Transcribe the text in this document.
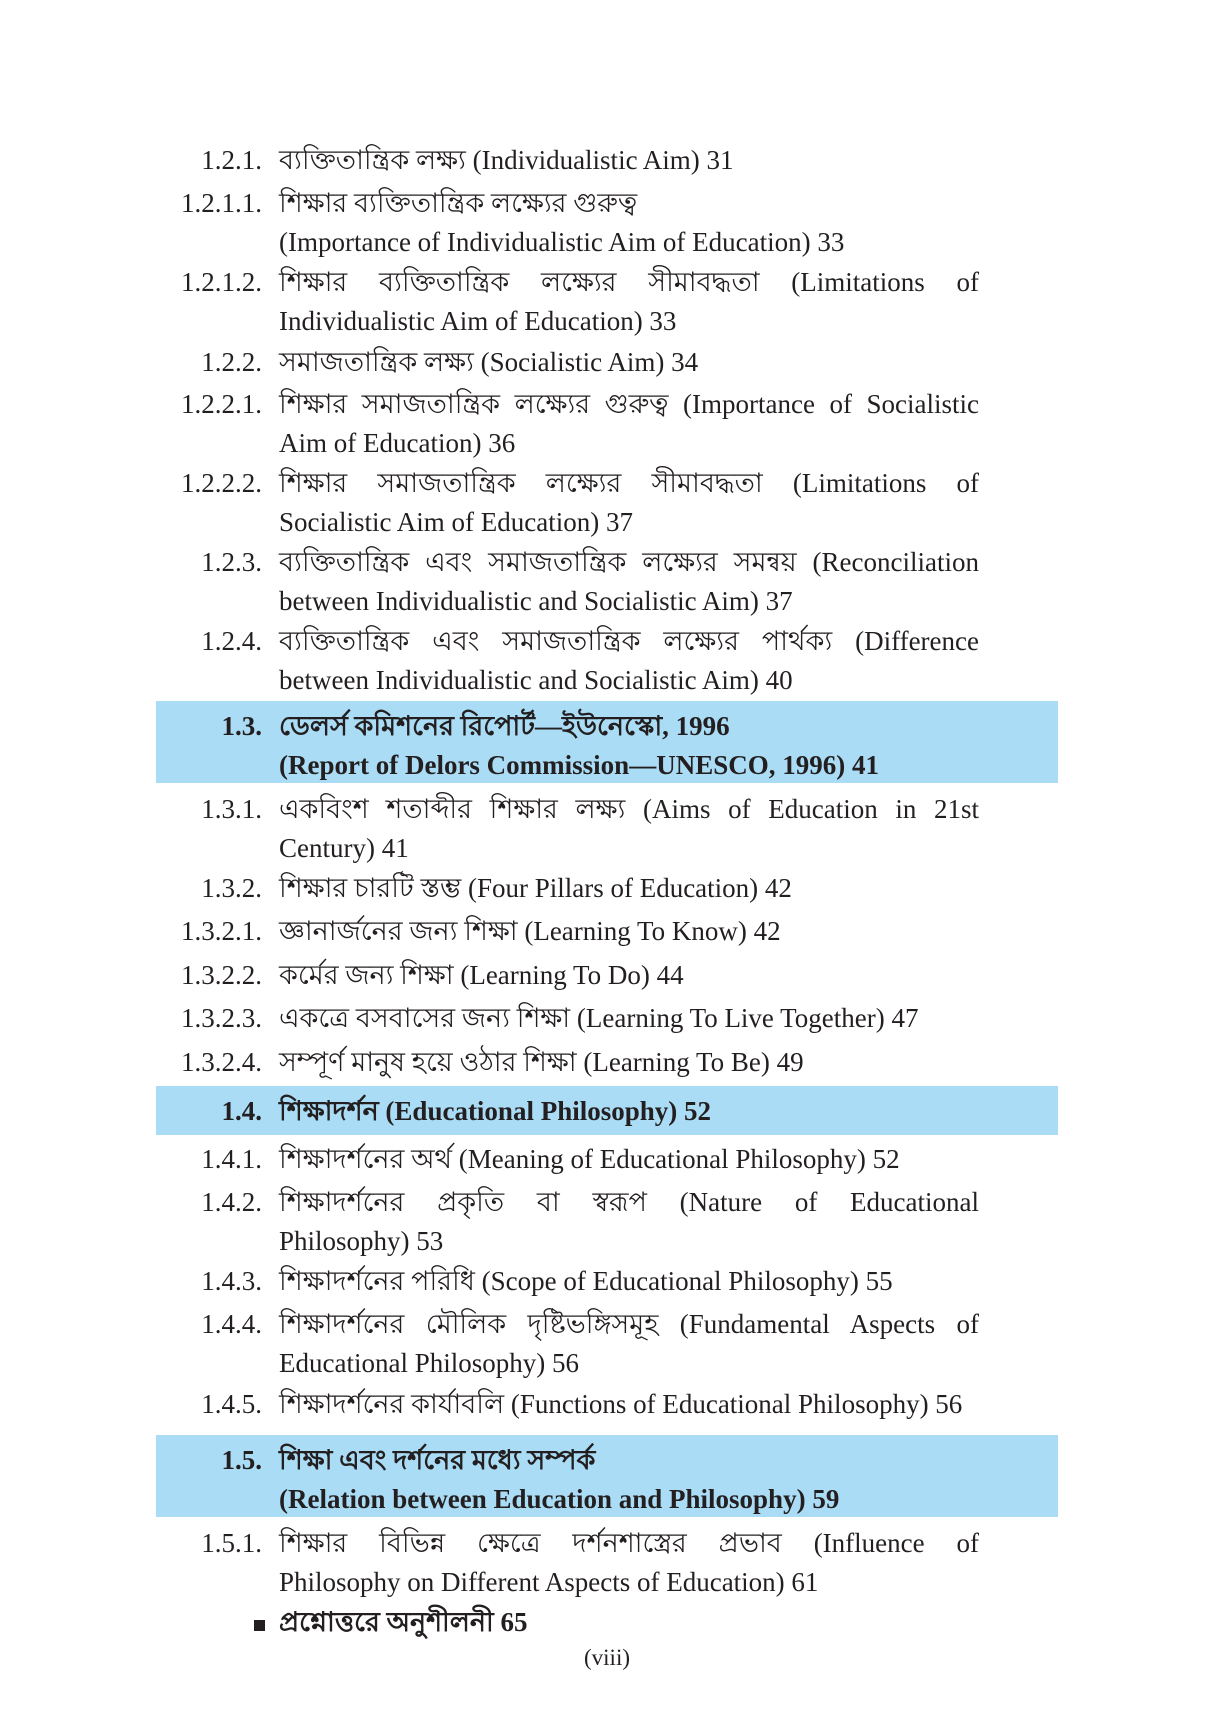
1.2.1. ব্যক্তিতান্ত্রিক লক্ষ্য (Individualistic Aim) 31
1.2.1.1. শিক্ষার ব্যক্তিতান্ত্রিক লক্ষ্যের গুরুত্ব
(Importance of Individualistic Aim of Education) 33
1.2.1.2. শিক্ষার ব্যক্তিতান্ত্রিক লক্ষ্যের সীমাবদ্ধতা (Limitations of
Individualistic Aim of Education) 33
1.2.2. সমাজতান্ত্রিক লক্ষ্য (Socialistic Aim) 34
1.2.2.1. শিক্ষার সমাজতান্ত্রিক লক্ষ্যের গুরুত্ব (Importance of Socialistic
Aim of Education) 36
1.2.2.2. শিক্ষার সমাজতান্ত্রিক লক্ষ্যের সীমাবদ্ধতা (Limitations of
Socialistic Aim of Education) 37
1.2.3. ব্যক্তিতান্ত্রিক এবং সমাজতান্ত্রিক লক্ষ্যের সমন্বয় (Reconciliation
between Individualistic and Socialistic Aim) 37
1.2.4. ব্যক্তিতান্ত্রিক এবং সমাজতান্ত্রিক লক্ষ্যের পার্থক্য (Difference
between Individualistic and Socialistic Aim) 40
1.3. ডেলর্স কমিশনের রিপোর্ট—ইউনেস্কো, 1996
(Report of Delors Commission—UNESCO, 1996) 41
1.3.1. একবিংশ শতাব্দীর শিক্ষার লক্ষ্য (Aims of Education in 21st
Century) 41
1.3.2. শিক্ষার চারটি স্তম্ভ (Four Pillars of Education) 42
1.3.2.1. জ্ঞানার্জনের জন্য শিক্ষা (Learning To Know) 42
1.3.2.2. কর্মের জন্য শিক্ষা (Learning To Do) 44
1.3.2.3. একত্রে বসবাসের জন্য শিক্ষা (Learning To Live Together) 47
1.3.2.4. সম্পূর্ণ মানুষ হয়ে ওঠার শিক্ষা (Learning To Be) 49
1.4. শিক্ষাদর্শন (Educational Philosophy) 52
1.4.1. শিক্ষাদর্শনের অর্থ (Meaning of Educational Philosophy) 52
1.4.2. শিক্ষাদর্শনের প্রকৃতি বা স্বরূপ (Nature of Educational
Philosophy) 53
1.4.3. শিক্ষাদর্শনের পরিধি (Scope of Educational Philosophy) 55
1.4.4. শিক্ষাদর্শনের মৌলিক দৃষ্টিভঙ্গিসমূহ (Fundamental Aspects of
Educational Philosophy) 56
1.4.5. শিক্ষাদর্শনের কার্যাবলি (Functions of Educational Philosophy) 56
1.5. শিক্ষা এবং দর্শনের মধ্যে সম্পর্ক
(Relation between Education and Philosophy) 59
1.5.1. শিক্ষার বিভিন্ন ক্ষেত্রে দর্শনশাস্ত্রের প্রভাব (Influence of
Philosophy on Different Aspects of Education) 61
প্রশ্নোত্তরে অনুশীলনী 65
(viii)
